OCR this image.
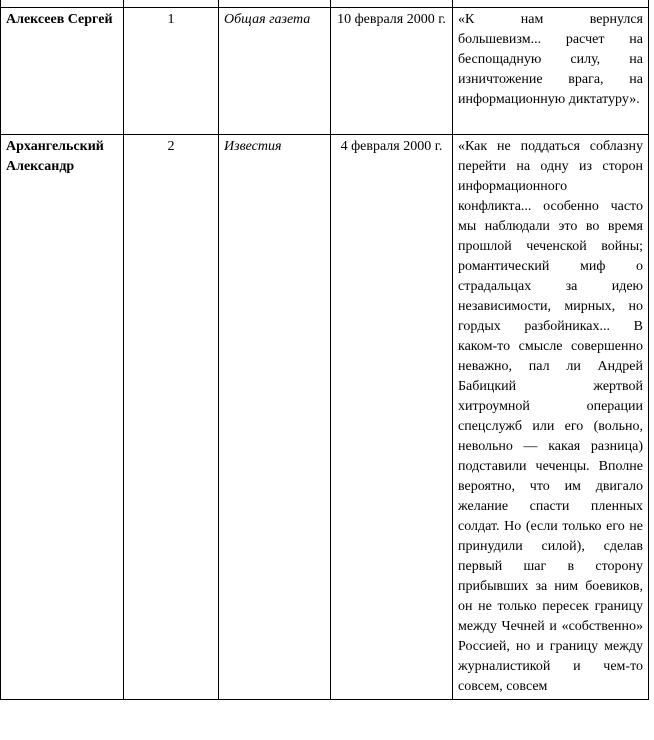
Алексеев Сергей	1	Общая газета	10 февраля 2000 г.	«К нам вернулся большевизм... расчет на беспощадную силу, на изничтожение врага, на информационную диктатуру».
Архангельский Александр	2	Известия	4 февраля 2000 г.	«Как не поддаться соблазну перейти на одну из сторон информационного конфликта... особенно часто мы наблюдали это во время прошлой чеченской войны; романтический миф о страдальцах за идею независимости, мирных, но гордых разбойниках... В каком-то смысле совершенно неважно, пал ли Андрей Бабицкий жертвой хитроумной операции спецслужб или его (вольно, невольно — какая разница) подставили чеченцы. Вполне вероятно, что им двигало желание спасти пленных солдат. Но (если только его не принудили силой), сделав первый шаг в сторону прибывших за ним боевиков, он не только пересек границу между Чечней и «собственно» Россией, но и границу между журналистикой и чем-то совсем, совсем
